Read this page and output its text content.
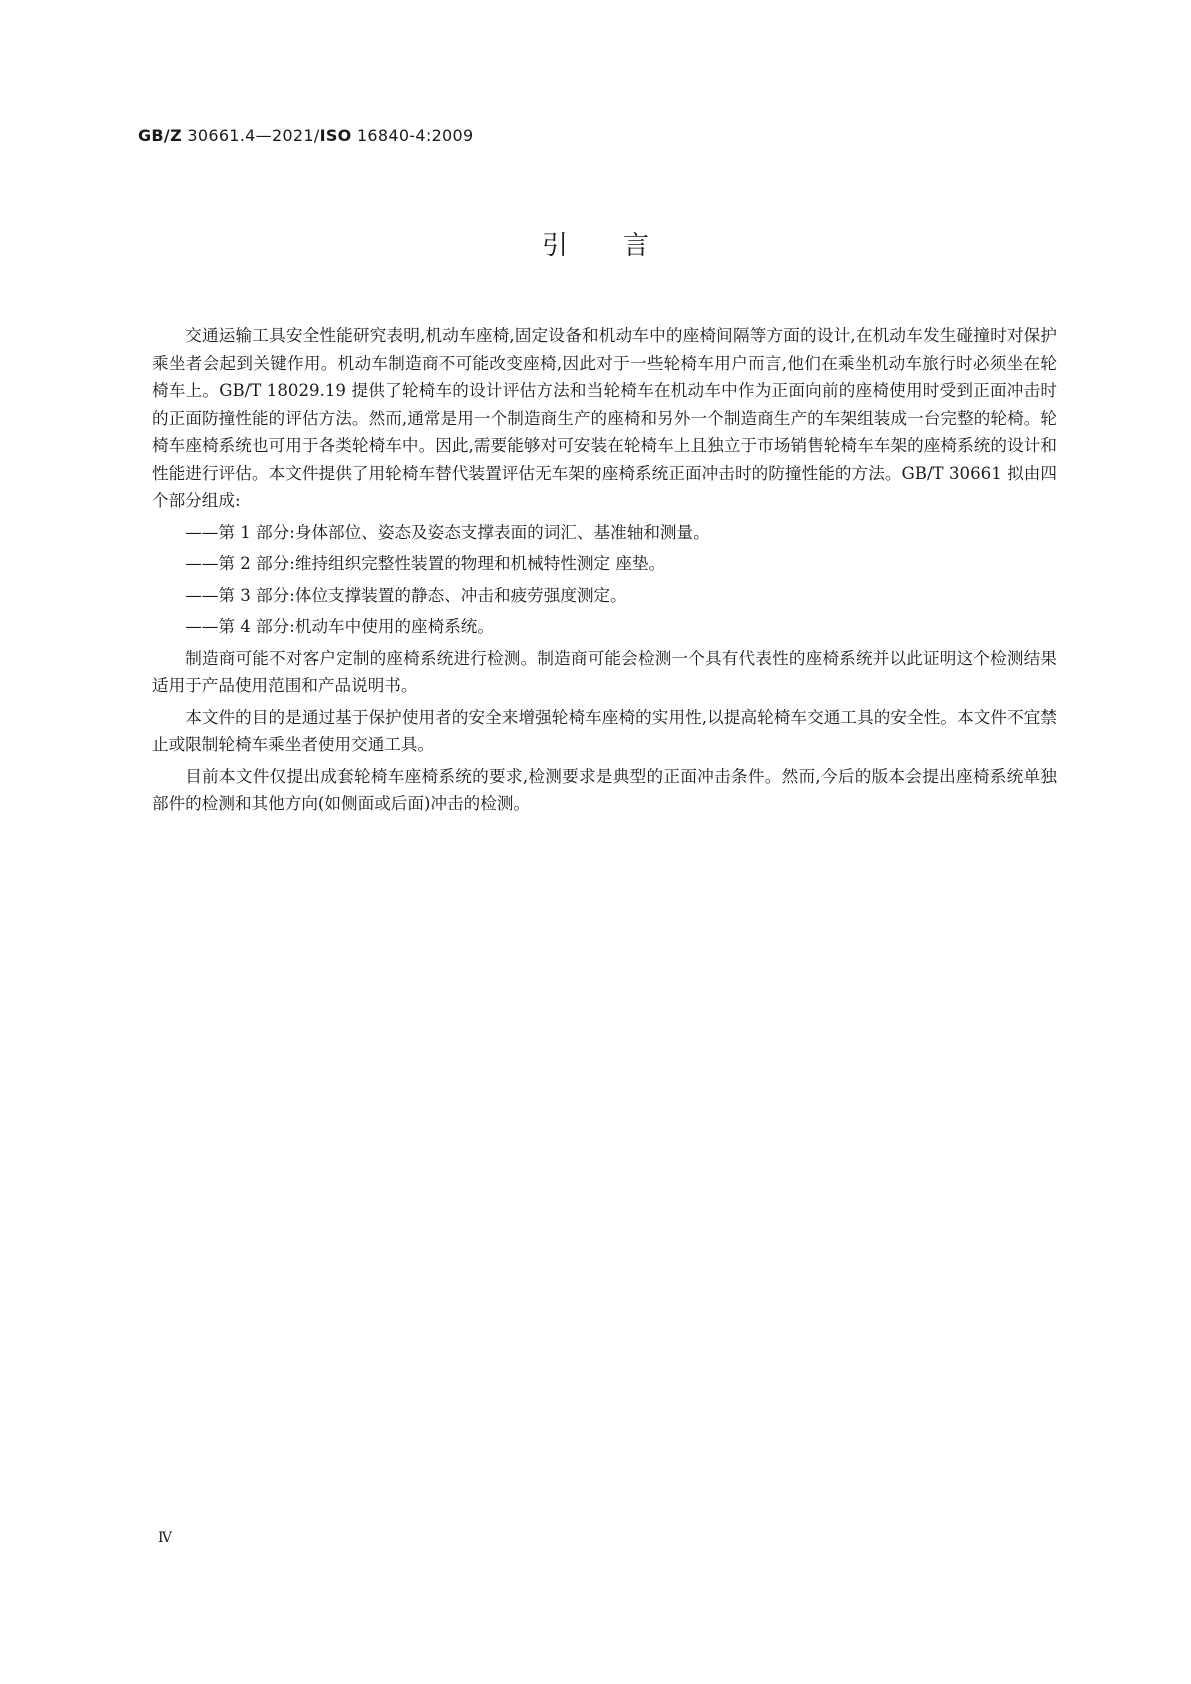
GB/Z 30661.4—2021/ISO 16840-4:2009
引言

交通运输工具安全性能研究表明,机动车座椅,固定设备和机动车中的座椅间隔等方面的设计,在机动车发生碰撞时对保护乘坐者会起到关键作用。机动车制造商不可能改变座椅,因此对于一些轮椅车用户而言,他们在乘坐机动车旅行时必须坐在轮椅车上。GB/T 18029.19 提供了轮椅车的设计评估方法和当轮椅车在机动车中作为正面向前的座椅使用时受到正面冲击时的正面防撞性能的评估方法。然而,通常是用一个制造商生产的座椅和另外一个制造商生产的车架组装成一台完整的轮椅。轮椅车座椅系统也可用于各类轮椅车中。因此,需要能够对可安装在轮椅车上且独立于市场销售轮椅车车架的座椅系统的设计和性能进行评估。本文件提供了用轮椅车替代装置评估无车架的座椅系统正面冲击时的防撞性能的方法。GB/T 30661 拟由四个部分组成:

——第 1 部分:身体部位、姿态及姿态支撑表面的词汇、基准轴和测量。
——第 2 部分:维持组织完整性装置的物理和机械特性测定 座垫。
——第 3 部分:体位支撑装置的静态、冲击和疲劳强度测定。
——第 4 部分:机动车中使用的座椅系统。

制造商可能不对客户定制的座椅系统进行检测。制造商可能会检测一个具有代表性的座椅系统并以此证明这个检测结果适用于产品使用范围和产品说明书。

本文件的目的是通过基于保护使用者的安全来增强轮椅车座椅的实用性,以提高轮椅车交通工具的安全性。本文件不宜禁止或限制轮椅车乘坐者使用交通工具。

目前本文件仅提出成套轮椅车座椅系统的要求,检测要求是典型的正面冲击条件。然而,今后的版本会提出座椅系统单独部件的检测和其他方向(如侧面或后面)冲击的检测。

Ⅳ
